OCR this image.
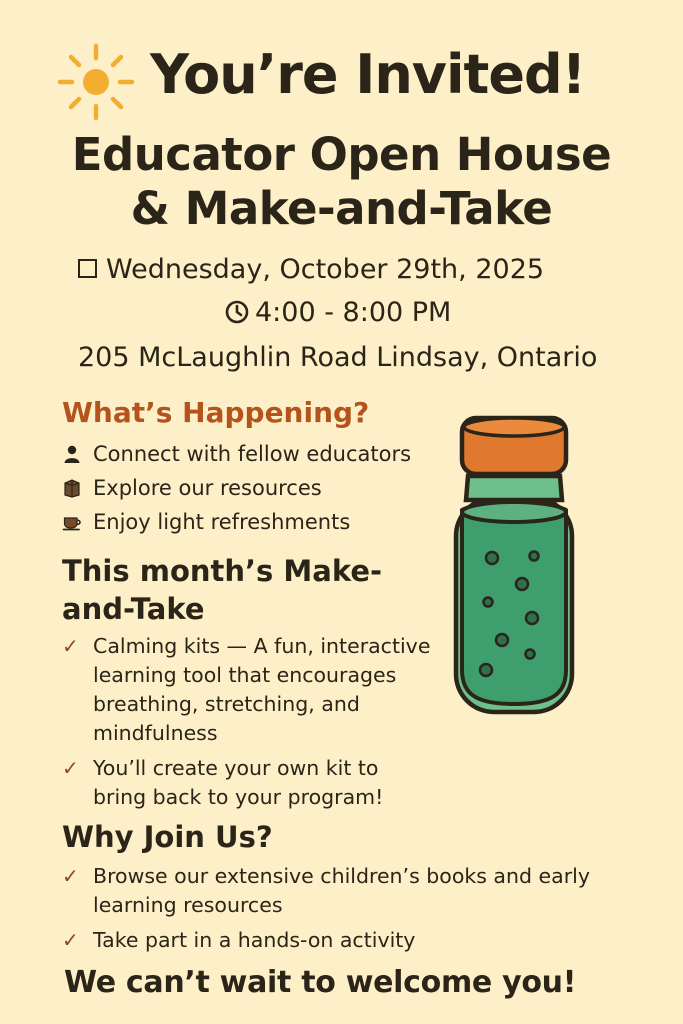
You’re Invited!
Educator Open House
& Make-and-Take
Wednesday, October 29th, 2025
4:00 - 8:00 PM
205 McLaughlin Road Lindsay, Ontario
What’s Happening?
Connect with fellow educators
Explore our resources
Enjoy light refreshments
This month’s Make-and-Take
✓ Calming kits — A fun, interactive learning tool that encourages breathing, stretching, and mindfulness
✓ You’ll create your own kit to bring back to your program!
Why Join Us?
✓ Browse our extensive children’s books and early learning resources
✓ Take part in a hands-on activity
We can’t wait to welcome you!
